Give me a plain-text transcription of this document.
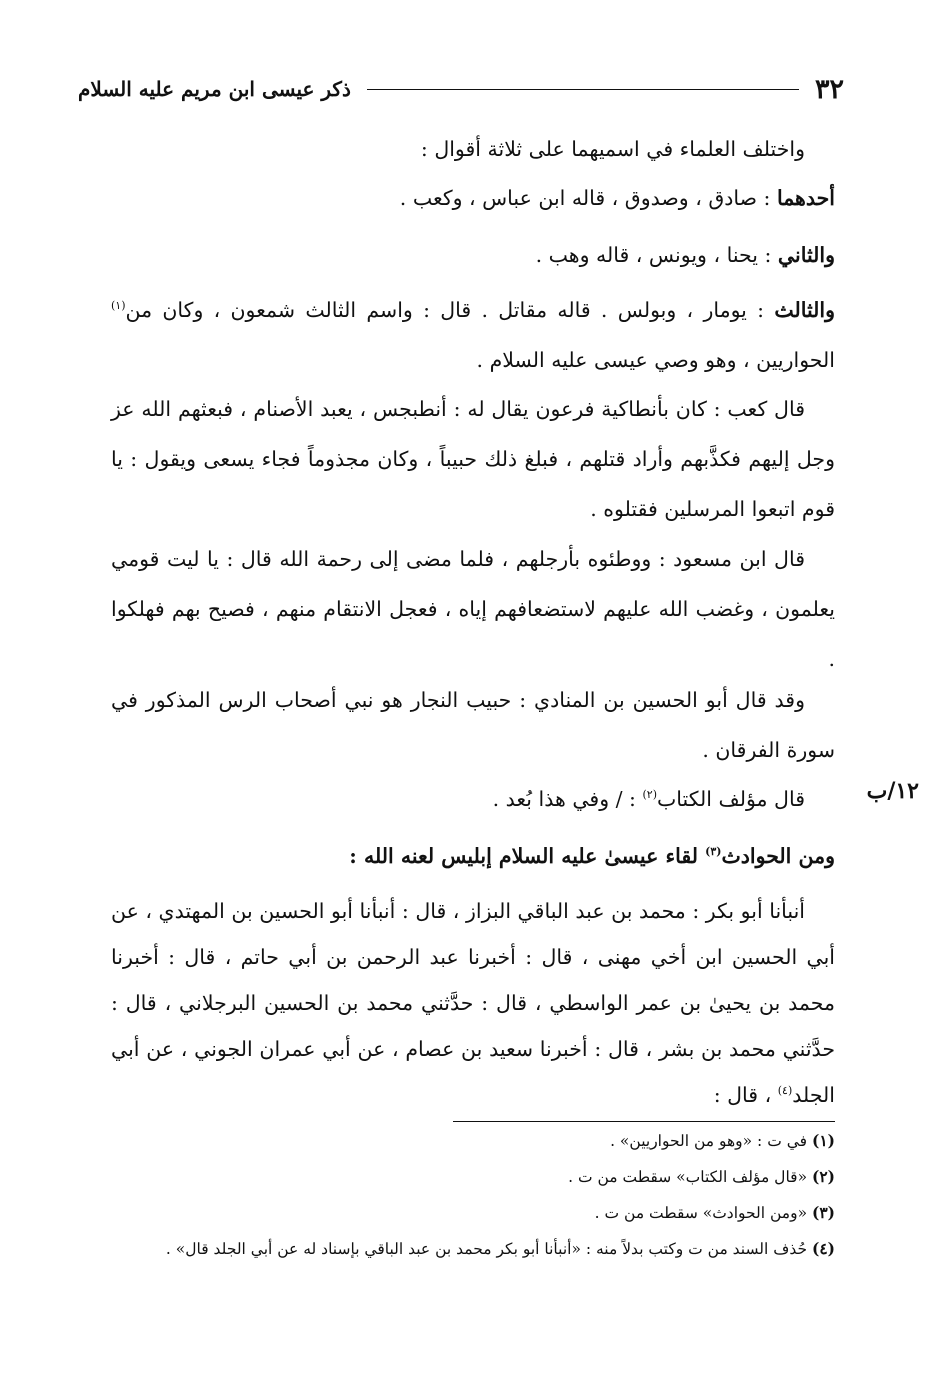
٣٢
ذكر عيسى ابن مريم عليه السلام
١٢/ب

واختلف العلماء في اسميهما على ثلاثة أقوال :

أحدهما : صادق ، وصدوق ، قاله ابن عباس ، وكعب .

والثاني : يحنا ، ويونس ، قاله وهب .

والثالث : يومار ، وبولس . قاله مقاتل . قال : واسم الثالث شمعون ، وكان من$^{(١)}$ الحواريين ، وهو وصي عيسى عليه السلام .

قال كعب : كان بأنطاكية فرعون يقال له : أنطبجس ، يعبد الأصنام ، فبعثهم الله عز وجل إليهم فكذَّبهم وأراد قتلهم ، فبلغ ذلك حبيباً ، وكان مجذوماً فجاء يسعى ويقول : يا قوم اتبعوا المرسلين فقتلوه .

قال ابن مسعود : ووطئوه بأرجلهم ، فلما مضى إلى رحمة الله قال : يا ليت قومي يعلمون ، وغضب الله عليهم لاستضعافهم إياه ، فعجل الانتقام منهم ، فصيح بهم فهلكوا .

وقد قال أبو الحسين بن المنادي : حبيب النجار هو نبي أصحاب الرس المذكور في سورة الفرقان .

قال مؤلف الكتاب$^{(٢)}$ : / وفي هذا بُعد .

ومن الحوادث$^{(٣)}$ لقاء عيسىٰ عليه السلام إبليس لعنه الله :

أنبأنا أبو بكر : محمد بن عبد الباقي البزاز ، قال : أنبأنا أبو الحسين بن المهتدي ، عن أبي الحسين ابن أخي مهنى ، قال : أخبرنا عبد الرحمن بن أبي حاتم ، قال : أخبرنا محمد بن يحيىٰ بن عمر الواسطي ، قال : حدَّثني محمد بن الحسين البرجلاني ، قال : حدَّثني محمد بن بشر ، قال : أخبرنا سعيد بن عصام ، عن أبي عمران الجوني ، عن أبي الجلد$^{(٤)}$ ، قال :

(١) في ت : «وهو من الحواريين» .

(٢) «قال مؤلف الكتاب» سقطت من ت .

(٣) «ومن الحوادث» سقطت من ت .

(٤) حُذف السند من ت وكتب بدلاً منه : «أنبأنا أبو بكر محمد بن عبد الباقي بإسناد له عن أبي الجلد قال» .
